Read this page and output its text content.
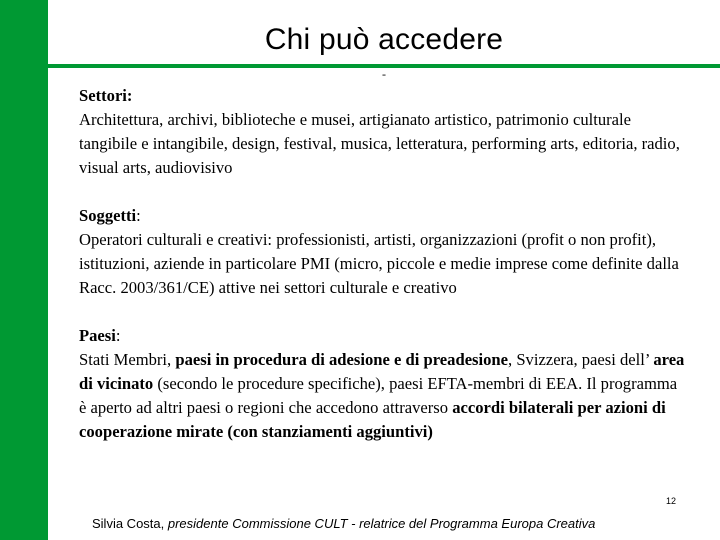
Chi può accedere
-

Settori:
Architettura, archivi, biblioteche e musei, artigianato artistico, patrimonio culturale tangibile e intangibile, design, festival, musica, letteratura, performing arts, editoria, radio, visual arts, audiovisivo

Soggetti:
Operatori culturali e creativi: professionisti, artisti, organizzazioni (profit o non profit), istituzioni, aziende in particolare PMI (micro, piccole e medie imprese come definite dalla Racc. 2003/361/CE) attive nei settori culturale e creativo

Paesi:
Stati Membri, paesi in procedura di adesione e di preadesione, Svizzera, paesi dell’ area di vicinato (secondo le procedure specifiche), paesi EFTA-membri di EEA. Il programma è aperto ad altri paesi o regioni che accedono attraverso accordi bilaterali per azioni di cooperazione mirate (con stanziamenti aggiuntivi)

12
Silvia Costa, presidente Commissione CULT - relatrice del Programma Europa Creativa
